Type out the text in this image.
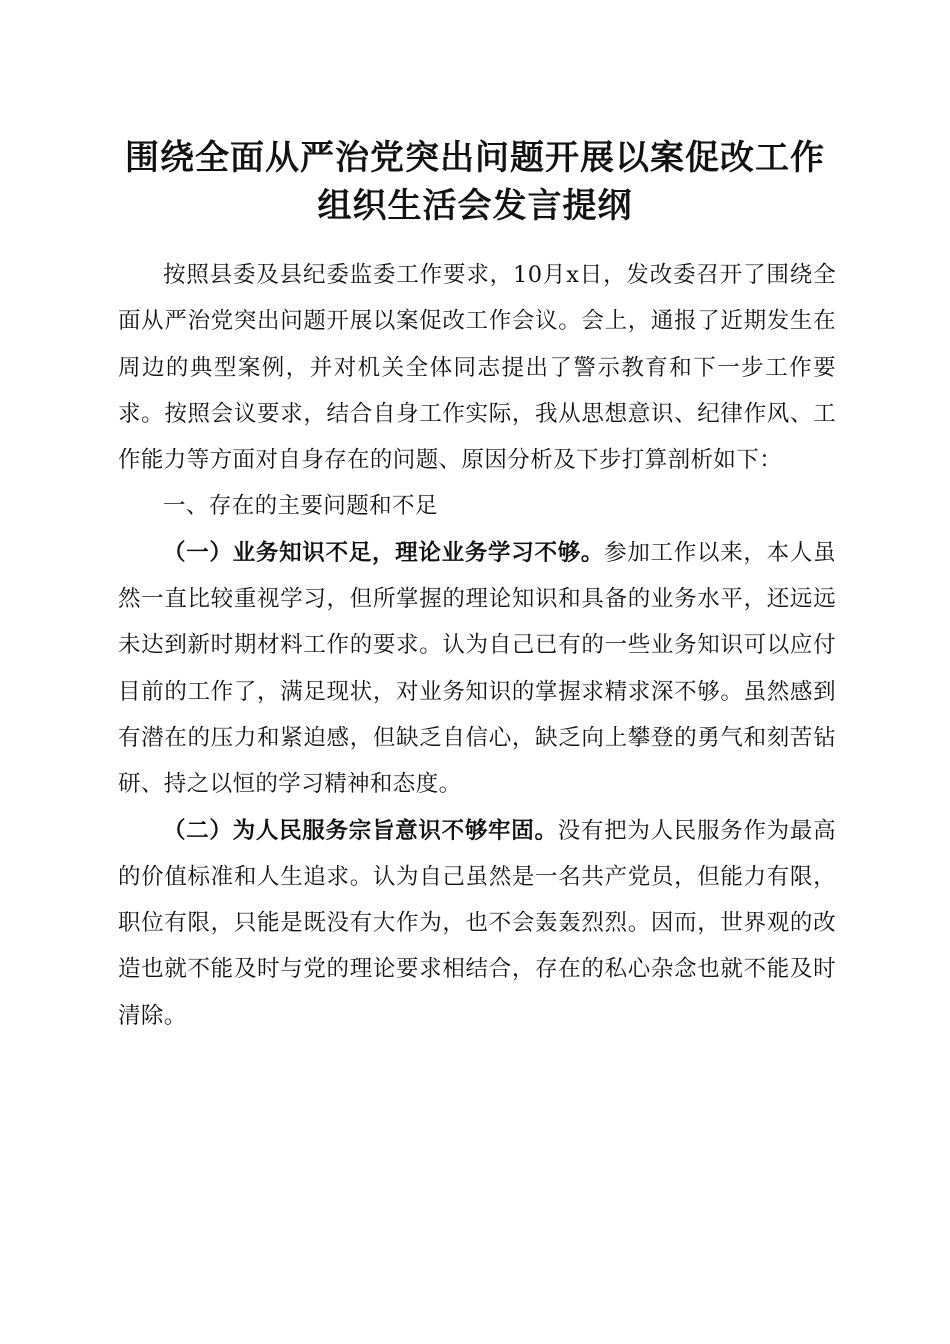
围绕全面从严治党突出问题开展以案促改工作
组织生活会发言提纲

按照县委及县纪委监委工作要求，10月x日，发改委召开了围绕全面从严治党突出问题开展以案促改工作会议。会上，通报了近期发生在周边的典型案例，并对机关全体同志提出了警示教育和下一步工作要求。按照会议要求，结合自身工作实际，我从思想意识、纪律作风、工作能力等方面对自身存在的问题、原因分析及下步打算剖析如下：

一、存在的主要问题和不足

（一）业务知识不足，理论业务学习不够。参加工作以来，本人虽然一直比较重视学习，但所掌握的理论知识和具备的业务水平，还远远未达到新时期材料工作的要求。认为自己已有的一些业务知识可以应付目前的工作了，满足现状，对业务知识的掌握求精求深不够。虽然感到有潜在的压力和紧迫感，但缺乏自信心，缺乏向上攀登的勇气和刻苦钻研、持之以恒的学习精神和态度。

（二）为人民服务宗旨意识不够牢固。没有把为人民服务作为最高的价值标准和人生追求。认为自己虽然是一名共产党员，但能力有限，职位有限，只能是既没有大作为，也不会轰轰烈烈。因而，世界观的改造也就不能及时与党的理论要求相结合，存在的私心杂念也就不能及时清除。
